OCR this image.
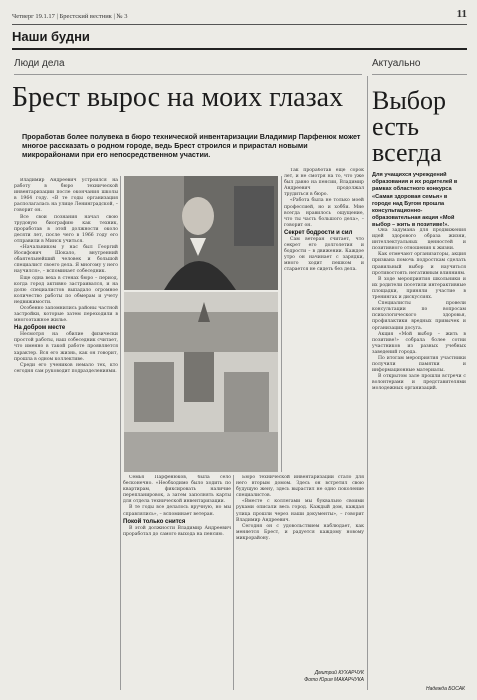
Четверг 19.1.17 | Брестский вестник | № 3	11
Наши будни
Люди дела	Актуально
Брест вырос на моих глазах
Проработав более полувека в бюро технической инвентаризации Владимир Парфенюк может многое рассказать о родном городе, ведь Брест строился и прирастал новыми микрорайонами при его непосредственном участии.

Владимир Андреевич устроился на работу в бюро технической инвентаризации после окончания школы в 1964 году. «В те годы организация располагалась на улице Ленинградской, – говорит он.

Все свои познания начал свою трудовую биографию как техник, проработав в этой должности около десяти лет, после чего в 1966 году его отправили в Минск учиться.

«Начальником у нас был Георгий Иосифович Шокало, внутренний обаятельнейший человек и большой специалист своего дела. Я многому у него научился», – вспоминает собеседник.

Еще одна веха в стенах бюро – период, когда город активно застраивался, и на долю специалистов выпадало огромное количество работы по обмерам и учету недвижимости.

Особенно запомнились районы частной застройки, которые затем переходили в многоэтажное жилье.

На добром месте

Несмотря на обилие физически простой работы, наш собеседник считает, что именно в такой работе проявляется характер. Вся его жизнь, как он говорит, прошла в одном коллективе.

Среди его учеников немало тех, кто сегодня сам руководит подразделениями.

Так проработав еще сорок лет, и не смотря на то, что уже был давно на пенсии, Владимир Андреевич продолжал трудиться в бюро.

«Работа была не только моей профессией, но и хобби. Мне всегда нравилось ощущение, что ты часть большого дела», – говорит он.

Секрет бодрости и сил

Сам ветеран считает, что секрет его долголетия и бодрости – в движении. Каждое утро он начинает с зарядки, много ходит пешком и старается не сидеть без дела.

Семья Парфенюков, была село бесконечно. «Необходимо было ходить по квартирам, фиксировать наличие перепланировок, а затем заполнять карты для отдела технической инвентаризации.

В те годы все делалось вручную, но мы справлялись», – вспоминает ветеран.

Покой только снится

В этой должности Владимир Андреевич проработал до самого выхода на пенсию.

Бюро технической инвентаризации стало для него вторым домом. Здесь он встретил свою будущую жену, здесь вырастил не одно поколение специалистов.

«Вместе с коллегами мы буквально своими руками описали весь город. Каждый дом, каждая улица прошли через наши документы», – говорит Владимир Андреевич.

Сегодня он с удовольствием наблюдает, как меняется Брест, и радуется каждому новому микрорайону.

Дмитрий КУХАРЧУК
Фото Юрия МАКАРЧУКА
Выбор
есть
всегда
Для учащихся учреждений образования и их родителей в рамках областного конкурса «Самая здоровая семья» в городе над Бугом прошла консультационно-образовательная акция «Мой выбор – жить в позитиве!».

Она задумана для продвижения идей здорового образа жизни, интеллектуальных ценностей и позитивного отношения к жизни.

Как отмечают организаторы, акция призвана помочь подросткам сделать правильный выбор и научиться противостоять негативным влияниям.

В ходе мероприятия школьники и их родители посетили интерактивные площадки, приняли участие в тренингах и дискуссиях.

Специалисты провели консультации по вопросам психологического здоровья, профилактики вредных привычек и организации досуга.

Акция «Мой выбор – жить в позитиве!» собрала более сотни участников из разных учебных заведений города.

По итогам мероприятия участники получили памятки и информационные материалы.

В открытом зале прошли встречи с волонтерами и представителями молодежных организаций.

Надежда БОСАК
